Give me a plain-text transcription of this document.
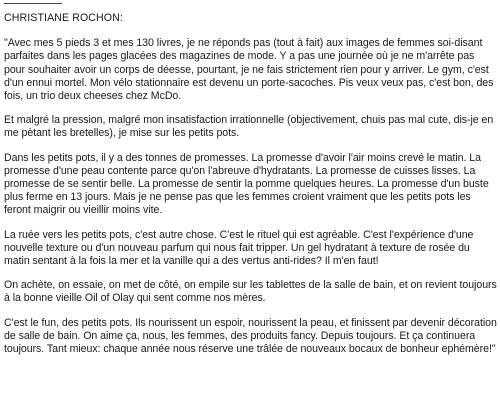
CHRISTIANE ROCHON:

"Avec mes 5 pieds 3 et mes 130 livres, je ne réponds pas (tout à fait) aux images de femmes soi-disant parfaites dans les pages glacées des magazines de mode. Y a pas une journée où je ne m'arrête pas pour souhaiter avoir un corps de déesse, pourtant, je ne fais strictement rien pour y arriver. Le gym, c'est d'un ennui mortel. Mon vélo stationnaire est devenu un porte-sacoches. Pis veux veux pas, c'est bon, des fois, un trio deux cheeses chez McDo.

Et malgré la pression, malgré mon insatisfaction irrationnelle (objectivement, chuis pas mal cute, dis-je en me pètant les bretelles), je mise sur les petits pots.

Dans les petits pots, il y a des tonnes de promesses. La promesse d'avoir l'air moins crevé le matin. La promesse d'une peau contente parce qu'on l'abreuve d'hydratants. La promesse de cuisses lisses. La promesse de se sentir belle. La promesse de sentir la pomme quelques heures. La promesse d'un buste plus ferme en 13 jours. Mais je ne pense pas que les femmes croient vraiment que les petits pots les feront maigrir ou vieillir moins vite.

La ruée vers les petits pots, c'est autre chose. C'est le rituel qui est agréable. C'est l'expérience d'une nouvelle texture ou d'un nouveau parfum qui nous fait tripper. Un gel hydratant à texture de rosée du matin sentant à la fois la mer et la vanille qui a des vertus anti-rides? Il m'en faut!

On achète, on essaie, on met de côté, on empile sur les tablettes de la salle de bain, et on revient toujours à la bonne vieille Oil of Olay qui sent comme nos mères.

C'est le fun, des petits pots. Ils nourissent un espoir, nourissent la peau, et finissent par devenir décoration de salle de bain. On aime ça, nous, les femmes, des produits fancy. Depuis toujours. Et ça continuera toujours. Tant mieux: chaque année nous réserve une trâlée de nouveaux bocaux de bonheur ephémère!"
